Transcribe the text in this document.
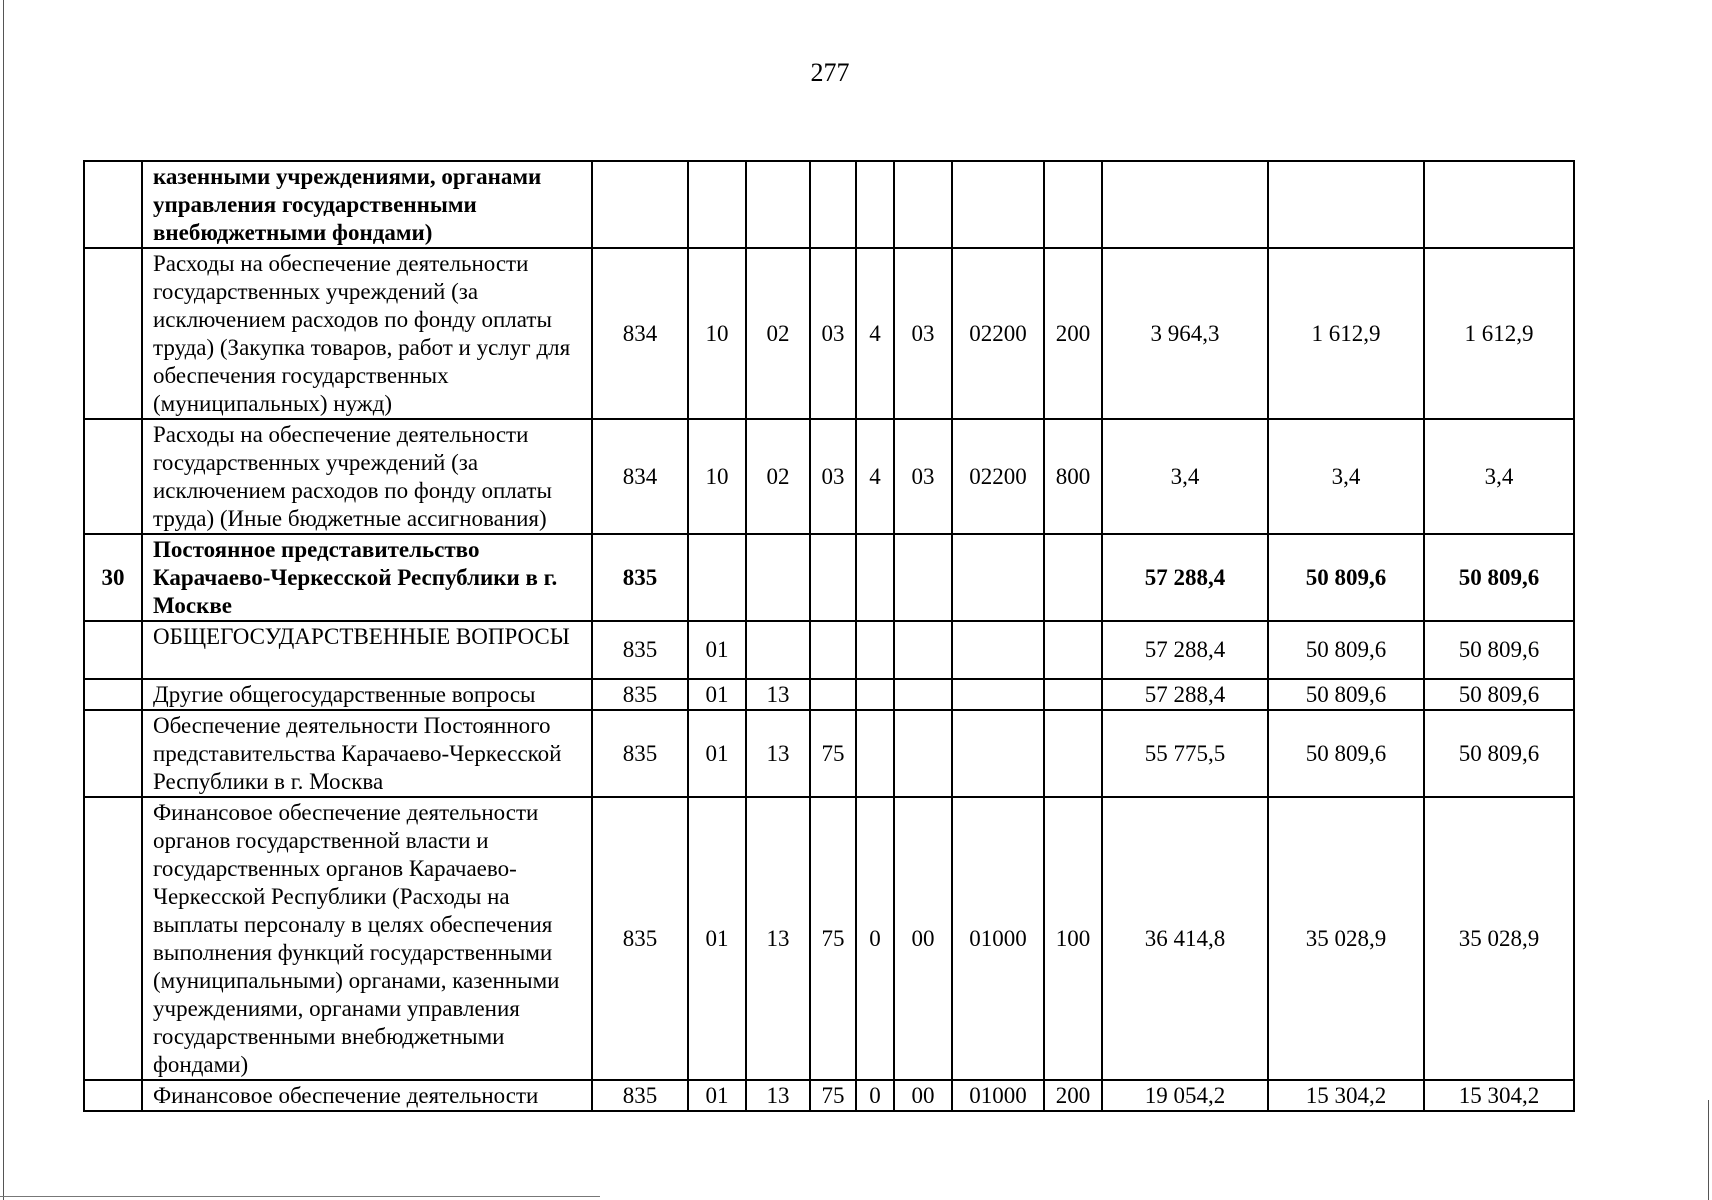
277
	казенными учреждениями, органами управления государственными внебюджетными фондами)											
	Расходы на обеспечение деятельности государственных учреждений (за исключением расходов по фонду оплаты труда) (Закупка товаров, работ и услуг для обеспечения государственных (муниципальных) нужд)	834	10	02	03	4	03	02200	200	3 964,3	1 612,9	1 612,9
	Расходы на обеспечение деятельности государственных учреждений (за исключением расходов по фонду оплаты труда) (Иные бюджетные ассигнования)	834	10	02	03	4	03	02200	800	3,4	3,4	3,4
30	Постоянное представительство Карачаево-Черкесской Республики в г. Москве	835								57 288,4	50 809,6	50 809,6
	ОБЩЕГОСУДАРСТВЕННЫЕ ВОПРОСЫ	835	01							57 288,4	50 809,6	50 809,6
	Другие общегосударственные вопросы	835	01	13						57 288,4	50 809,6	50 809,6
	Обеспечение деятельности Постоянного представительства Карачаево-Черкесской Республики в г. Москва	835	01	13	75					55 775,5	50 809,6	50 809,6
	Финансовое обеспечение деятельности органов государственной власти и государственных органов Карачаево-Черкесской Республики (Расходы на выплаты персоналу в целях обеспечения выполнения функций государственными (муниципальными) органами, казенными учреждениями, органами управления государственными внебюджетными фондами)	835	01	13	75	0	00	01000	100	36 414,8	35 028,9	35 028,9
	Финансовое обеспечение деятельности	835	01	13	75	0	00	01000	200	19 054,2	15 304,2	15 304,2
